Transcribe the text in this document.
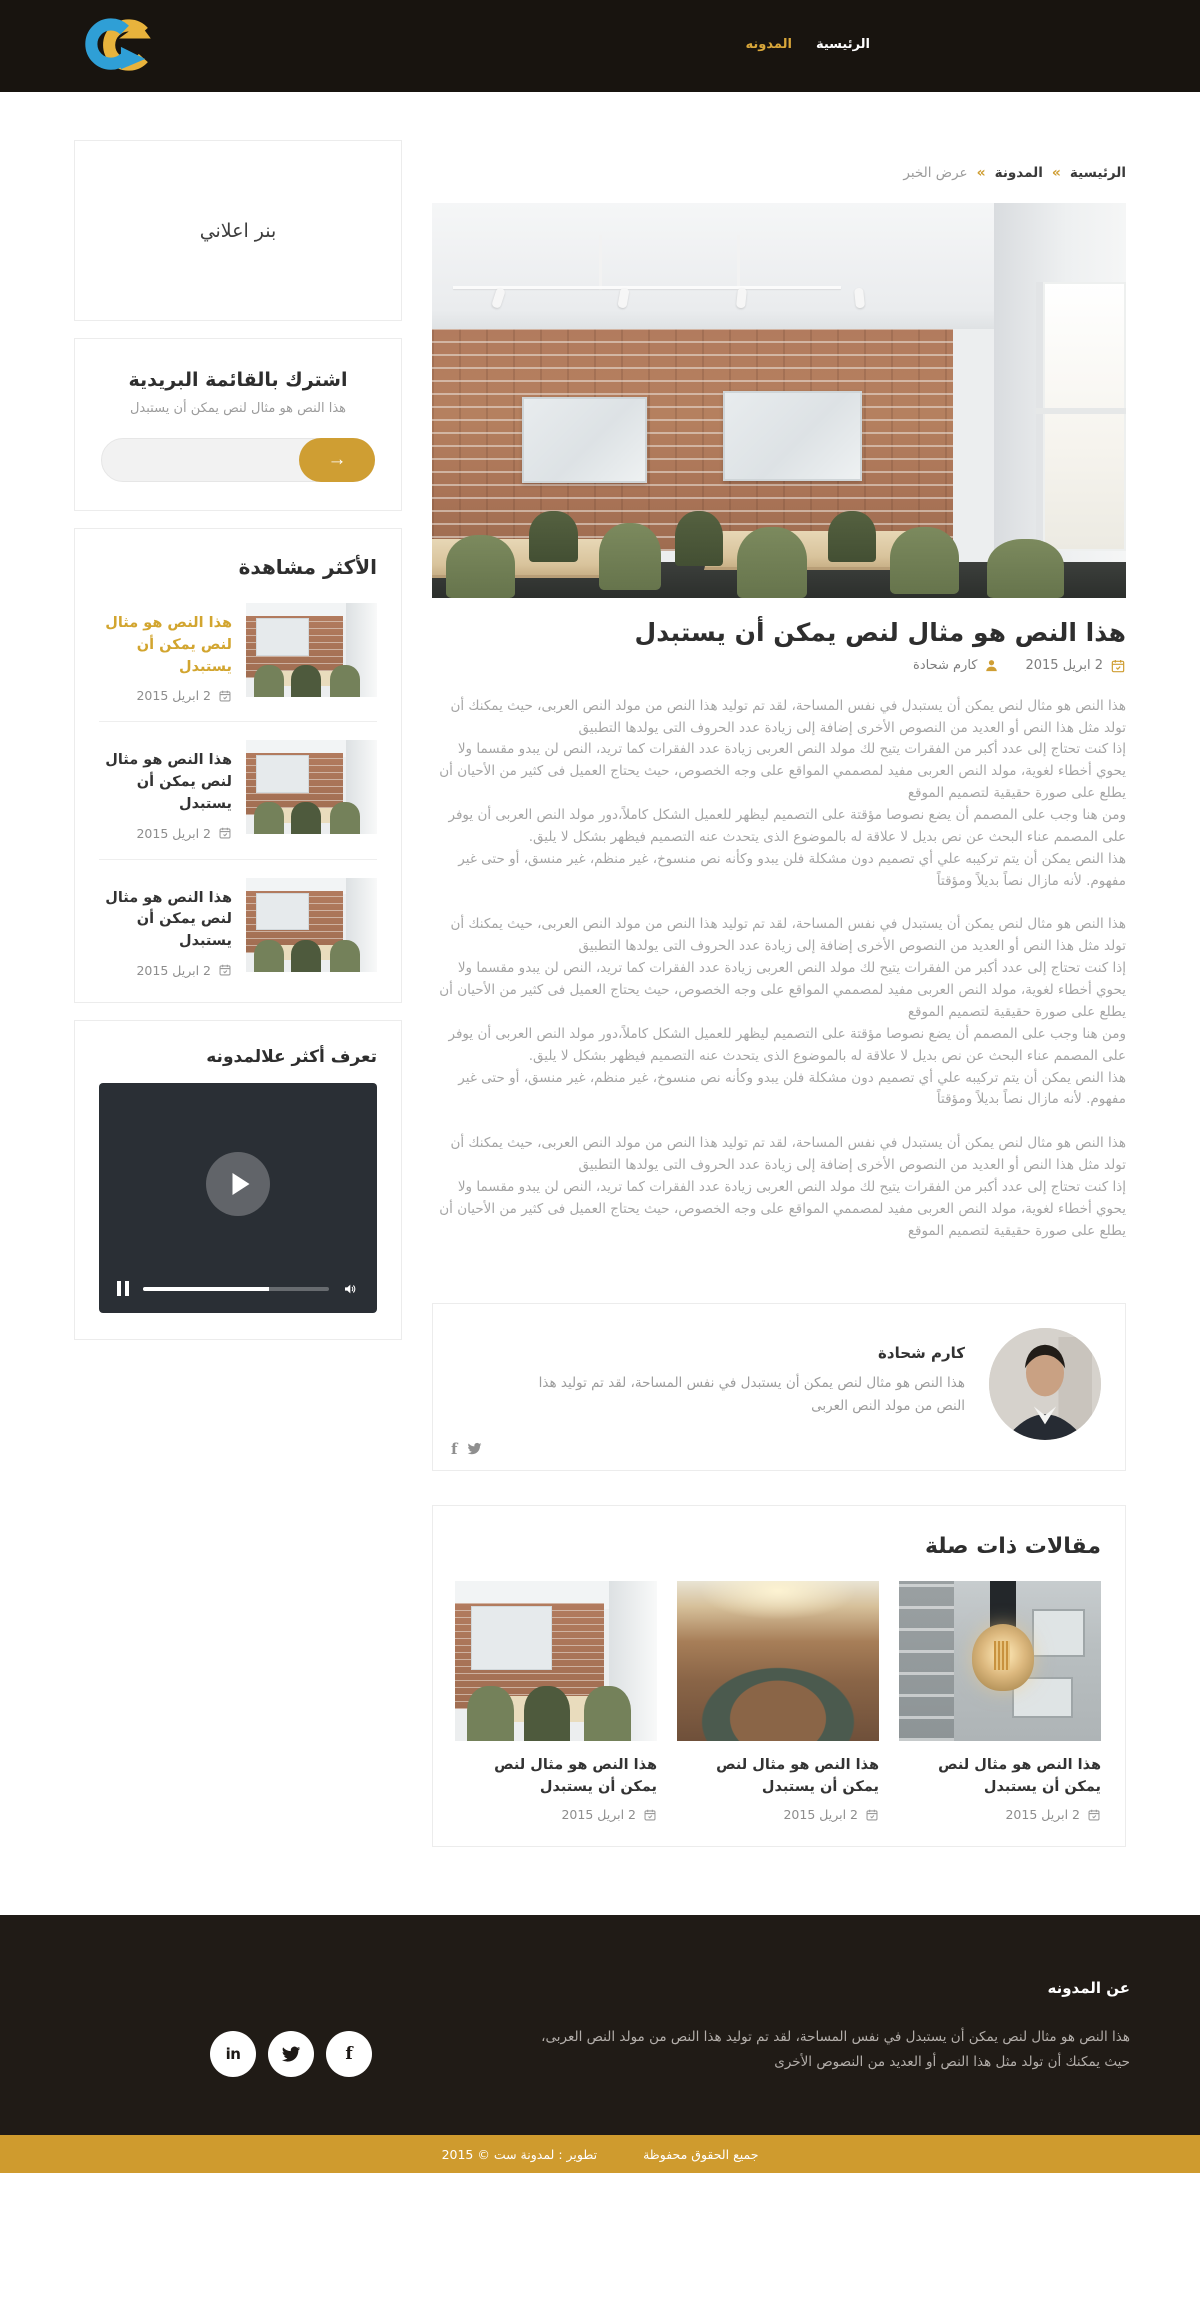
الرئيسية
المدونه
الرئيسية
»
المدونة
»
عرض الخبر
هذا النص هو مثال لنص يمكن أن يستبدل
2 ابريل 2015
كارم شحادة

هذا النص هو مثال لنص يمكن أن يستبدل في نفس المساحة، لقد تم توليد هذا النص من مولد النص العربى، حيث يمكنك أن تولد مثل هذا النص أو العديد من النصوص الأخرى إضافة إلى زيادة عدد الحروف التى يولدها التطبيق

إذا كنت تحتاج إلى عدد أكبر من الفقرات يتيح لك مولد النص العربى زيادة عدد الفقرات كما تريد، النص لن يبدو مقسما ولا يحوي أخطاء لغوية، مولد النص العربى مفيد لمصممي المواقع على وجه الخصوص، حيث يحتاج العميل فى كثير من الأحيان أن يطلع على صورة حقيقية لتصميم الموقع

ومن هنا وجب على المصمم أن يضع نصوصا مؤقتة على التصميم ليظهر للعميل الشكل كاملاً،دور مولد النص العربى أن يوفر على المصمم عناء البحث عن نص بديل لا علاقة له بالموضوع الذى يتحدث عنه التصميم فيظهر بشكل لا يليق.

هذا النص يمكن أن يتم تركيبه علي أي تصميم دون مشكلة فلن يبدو وكأنه نص منسوخ، غير منظم، غير منسق، أو حتى غير مفهوم. لأنه مازال نصاً بديلاً ومؤقتاً

هذا النص هو مثال لنص يمكن أن يستبدل في نفس المساحة، لقد تم توليد هذا النص من مولد النص العربى، حيث يمكنك أن تولد مثل هذا النص أو العديد من النصوص الأخرى إضافة إلى زيادة عدد الحروف التى يولدها التطبيق

إذا كنت تحتاج إلى عدد أكبر من الفقرات يتيح لك مولد النص العربى زيادة عدد الفقرات كما تريد، النص لن يبدو مقسما ولا يحوي أخطاء لغوية، مولد النص العربى مفيد لمصممي المواقع على وجه الخصوص، حيث يحتاج العميل فى كثير من الأحيان أن يطلع على صورة حقيقية لتصميم الموقع

ومن هنا وجب على المصمم أن يضع نصوصا مؤقتة على التصميم ليظهر للعميل الشكل كاملاً،دور مولد النص العربى أن يوفر على المصمم عناء البحث عن نص بديل لا علاقة له بالموضوع الذى يتحدث عنه التصميم فيظهر بشكل لا يليق.

هذا النص يمكن أن يتم تركيبه علي أي تصميم دون مشكلة فلن يبدو وكأنه نص منسوخ، غير منظم، غير منسق، أو حتى غير مفهوم. لأنه مازال نصاً بديلاً ومؤقتاً

هذا النص هو مثال لنص يمكن أن يستبدل في نفس المساحة، لقد تم توليد هذا النص من مولد النص العربى، حيث يمكنك أن تولد مثل هذا النص أو العديد من النصوص الأخرى إضافة إلى زيادة عدد الحروف التى يولدها التطبيق

إذا كنت تحتاج إلى عدد أكبر من الفقرات يتيح لك مولد النص العربى زيادة عدد الفقرات كما تريد، النص لن يبدو مقسما ولا يحوي أخطاء لغوية، مولد النص العربى مفيد لمصممي المواقع على وجه الخصوص، حيث يحتاج العميل فى كثير من الأحيان أن يطلع على صورة حقيقية لتصميم الموقع

كارم شحادة

هذا النص هو مثال لنص يمكن أن يستبدل في نفس المساحة، لقد تم توليد هذا النص من مولد النص العربى

f
مقالات ذات صلة
هذا النص هو مثال لنص يمكن أن يستبدل
2 ابريل 2015
هذا النص هو مثال لنص يمكن أن يستبدل
2 ابريل 2015
هذا النص هو مثال لنص يمكن أن يستبدل
2 ابريل 2015
بنر اعلاني
اشترك بالقائمة البريدية

هذا النص هو مثال لنص يمكن أن يستبدل

→
الأكثر مشاهدة
هذا النص هو مثال لنص يمكن أن يستبدل
2 ابريل 2015
هذا النص هو مثال لنص يمكن أن يستبدل
2 ابريل 2015
هذا النص هو مثال لنص يمكن أن يستبدل
2 ابريل 2015
تعرف أكثر علالمدونه
عن المدونه

هذا النص هو مثال لنص يمكن أن يستبدل في نفس المساحة، لقد تم توليد هذا النص من مولد النص العربى، حيث يمكنك أن تولد مثل هذا النص أو العديد من النصوص الأخرى

in	f
جميع الحقوق محفوظة
تطوير : لمدونة ست © 2015
